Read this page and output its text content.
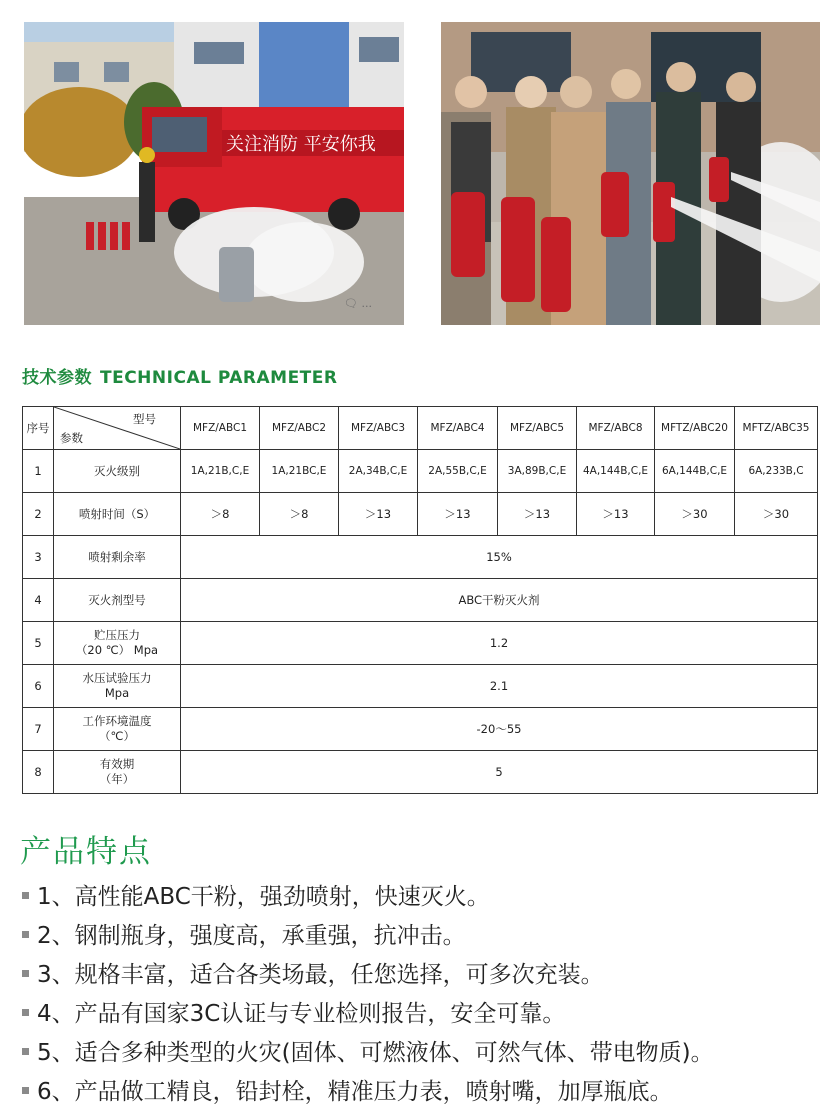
关注消防 平安你我
🗨 ...
技术参数 TECHNICAL PARAMETER
序号	型号
参数	MFZ/ABC1	MFZ/ABC2	MFZ/ABC3	MFZ/ABC4	MFZ/ABC5	MFZ/ABC8	MFTZ/ABC20	MFTZ/ABC35
1	灭火级别	1A,21B,C,E	1A,21BC,E	2A,34B,C,E	2A,55B,C,E	3A,89B,C,E	4A,144B,C,E	6A,144B,C,E	6A,233B,C
2	喷射时间（S）	＞8	＞8	＞13	＞13	＞13	＞13	＞30	＞30
3	喷射剩余率	15%							
4	灭火剂型号	ABC干粉灭火剂							
5	贮压压力
（20 ℃） Mpa	1.2							
6	水压试验压力
Mpa	2.1							
7	工作环境温度
（℃）	-20～55							
8	有效期
（年）	5							
产品特点
1、高性能ABC干粉，强劲喷射，快速灭火。
2、钢制瓶身，强度高，承重强，抗冲击。
3、规格丰富，适合各类场最，任您选择，可多次充装。
4、产品有国家3C认证与专业检则报告，安全可靠。
5、适合多种类型的火灾(固体、可燃液体、可然气体、带电物质)。
6、产品做工精良，铅封栓，精准压力表，喷射嘴，加厚瓶底。
